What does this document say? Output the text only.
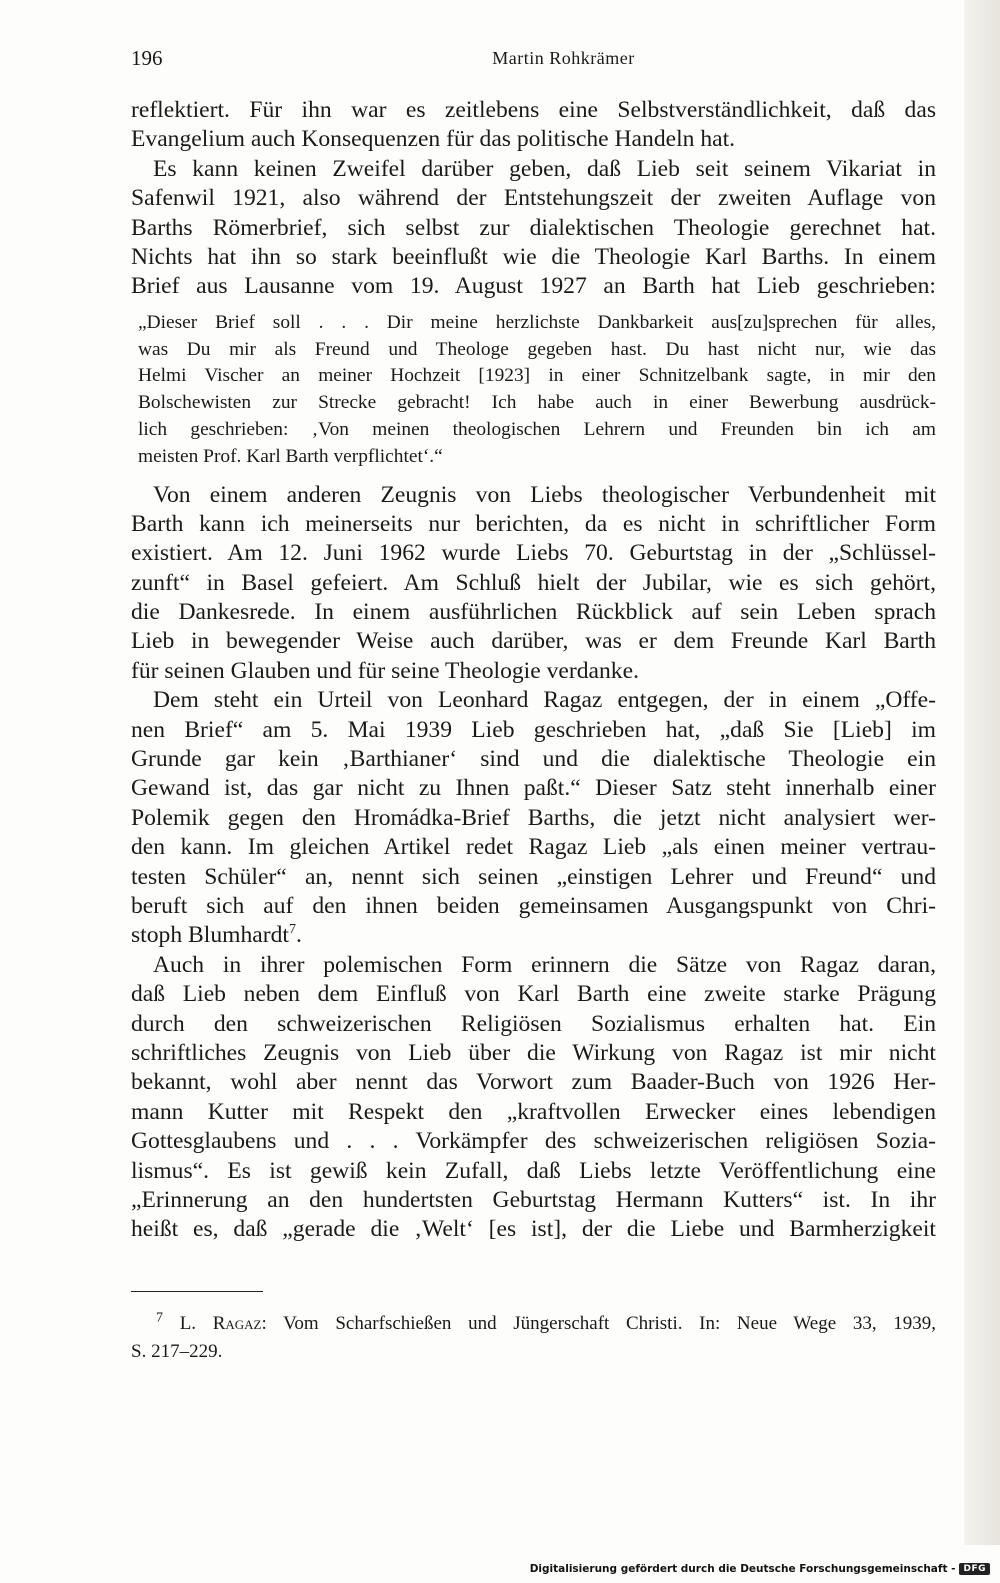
196	Martin Rohkrämer
reflektiert. Für ihn war es zeitlebens eine Selbstverständlichkeit, daß das
Evangelium auch Konsequenzen für das politische Handeln hat.
Es kann keinen Zweifel darüber geben, daß Lieb seit seinem Vikariat in
Safenwil 1921, also während der Entstehungszeit der zweiten Auflage von
Barths Römerbrief, sich selbst zur dialektischen Theologie gerechnet hat.
Nichts hat ihn so stark beeinflußt wie die Theologie Karl Barths. In einem
Brief aus Lausanne vom 19. August 1927 an Barth hat Lieb geschrieben:
„Dieser Brief soll . . . Dir meine herzlichste Dankbarkeit aus[zu]sprechen für alles,
was Du mir als Freund und Theologe gegeben hast. Du hast nicht nur, wie das
Helmi Vischer an meiner Hochzeit [1923] in einer Schnitzelbank sagte, in mir den
Bolschewisten zur Strecke gebracht! Ich habe auch in einer Bewerbung ausdrück-
lich geschrieben: ‚Von meinen theologischen Lehrern und Freunden bin ich am
meisten Prof. Karl Barth verpflichtet‘.“
Von einem anderen Zeugnis von Liebs theologischer Verbundenheit mit
Barth kann ich meinerseits nur berichten, da es nicht in schriftlicher Form
existiert. Am 12. Juni 1962 wurde Liebs 70. Geburtstag in der „Schlüssel-
zunft“ in Basel gefeiert. Am Schluß hielt der Jubilar, wie es sich gehört,
die Dankesrede. In einem ausführlichen Rückblick auf sein Leben sprach
Lieb in bewegender Weise auch darüber, was er dem Freunde Karl Barth
für seinen Glauben und für seine Theologie verdanke.
Dem steht ein Urteil von Leonhard Ragaz entgegen, der in einem „Offe-
nen Brief“ am 5. Mai 1939 Lieb geschrieben hat, „daß Sie [Lieb] im
Grunde gar kein ‚Barthianer‘ sind und die dialektische Theologie ein
Gewand ist, das gar nicht zu Ihnen paßt.“ Dieser Satz steht innerhalb einer
Polemik gegen den Hromádka-Brief Barths, die jetzt nicht analysiert wer-
den kann. Im gleichen Artikel redet Ragaz Lieb „als einen meiner vertrau-
testen Schüler“ an, nennt sich seinen „einstigen Lehrer und Freund“ und
beruft sich auf den ihnen beiden gemeinsamen Ausgangspunkt von Chri-
stoph Blumhardt$^7$.
Auch in ihrer polemischen Form erinnern die Sätze von Ragaz daran,
daß Lieb neben dem Einfluß von Karl Barth eine zweite starke Prägung
durch den schweizerischen Religiösen Sozialismus erhalten hat. Ein
schriftliches Zeugnis von Lieb über die Wirkung von Ragaz ist mir nicht
bekannt, wohl aber nennt das Vorwort zum Baader-Buch von 1926 Her-
mann Kutter mit Respekt den „kraftvollen Erwecker eines lebendigen
Gottesglaubens und . . . Vorkämpfer des schweizerischen religiösen Sozia-
lismus“. Es ist gewiß kein Zufall, daß Liebs letzte Veröffentlichung eine
„Erinnerung an den hundertsten Geburtstag Hermann Kutters“ ist. In ihr
heißt es, daß „gerade die ‚Welt‘ [es ist], der die Liebe und Barmherzigkeit
$^7$ L. Ragaz: Vom Scharfschießen und Jüngerschaft Christi. In: Neue Wege 33, 1939,
S. 217–229.
Digitalisierung gefördert durch die Deutsche Forschungsgemeinschaft - DFG
